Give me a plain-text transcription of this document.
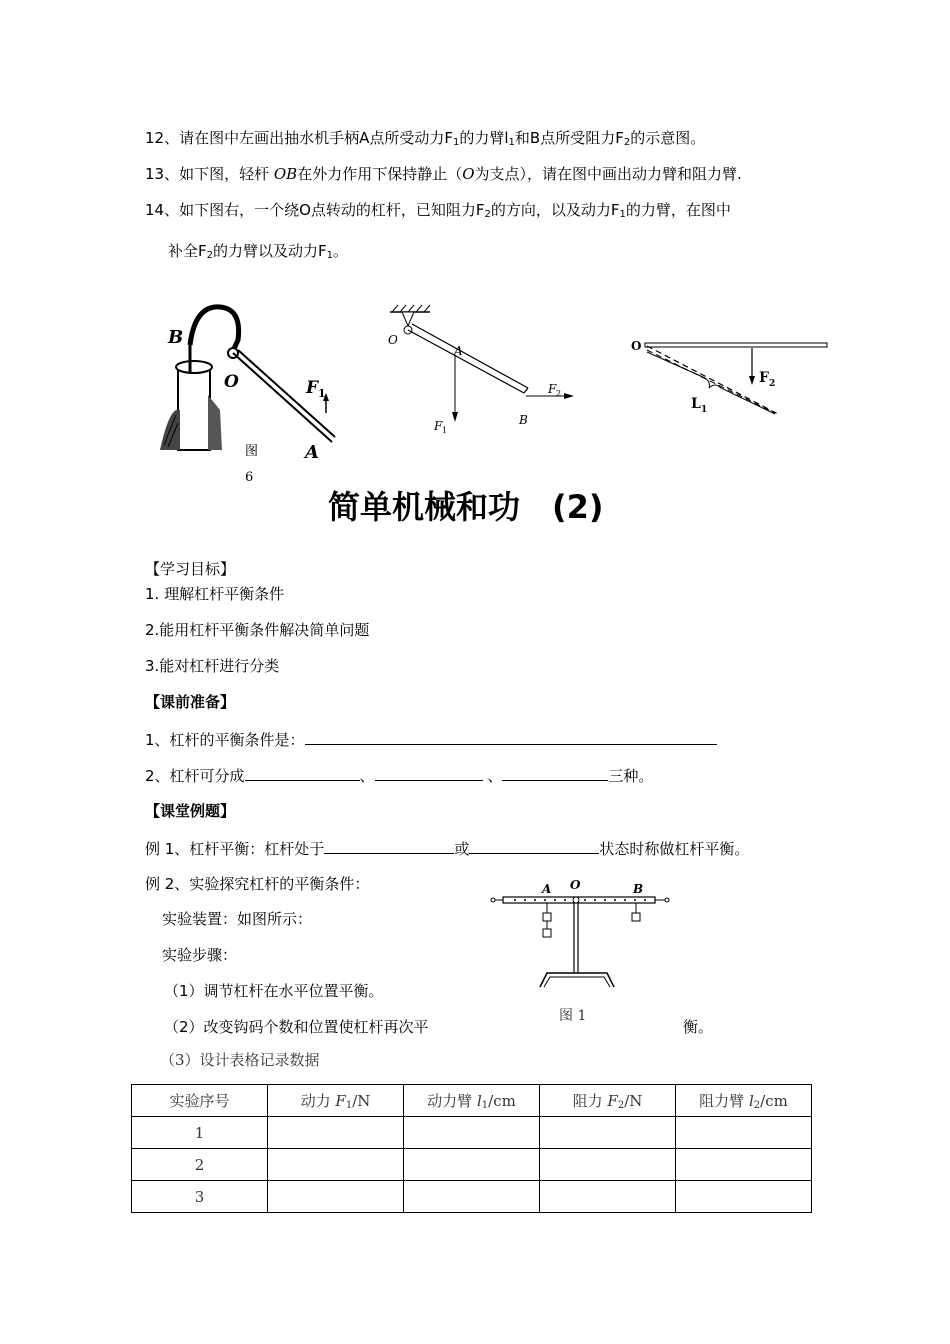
12、请在图中左画出抽水机手柄A点所受动力$F_1$的力臂$l_1$和B点所受阻力$F_2$的示意图。
13、如下图，轻杆 OB在外力作用下保持静止（O为支点），请在图中画出动力臂和阻力臂.
14、如下图右，一个绕O点转动的杠杆，已知阻力$F_2$的方向，以及动力$F_1$的力臂，在图中
补全$F_2$的力臂以及动力$F_1$。
B
O	F 1
A
图
6
O
A
B
F 1
F 2
O
F 2
L 1
简单机械和功　(2)
【学习目标】
1. 理解杠杆平衡条件
2.能用杠杆平衡条件解决简单问题
3.能对杠杆进行分类
【课前准备】
1、杠杆的平衡条件是：
2、杠杆可分成	、	、	三种。
【课堂例题】
例 1、杠杆平衡：杠杆处于	或	状态时称做杠杆平衡。
例 2、实验探究杠杆的平衡条件：
实验装置：如图所示：
实验步骤：
（1）调节杠杆在水平位置平衡。
（2）改变钩码个数和位置使杠杆再次平	衡。
（3）设计表格记录数据
A O	B
图 1
实验序号	动力 $F_1/N$	动力臂 $l_1/cm$	阻力 $F_2/N$	阻力臂 $l_2/cm$
1				
2				
3				
